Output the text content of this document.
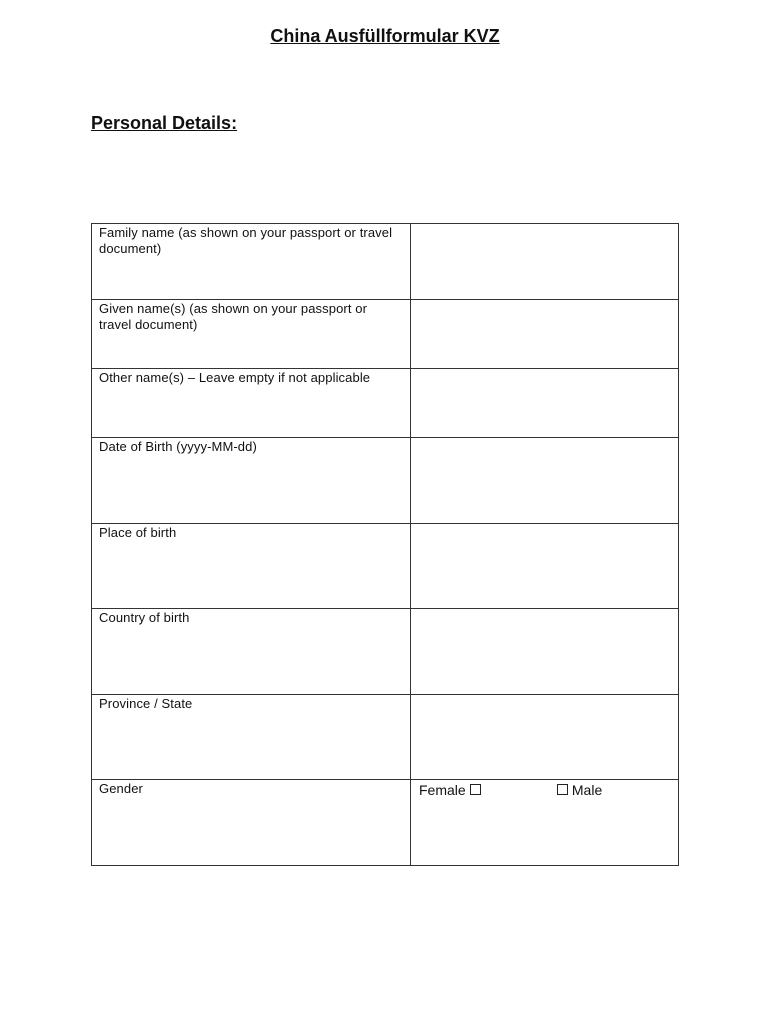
China Ausfüllformular KVZ
Personal Details:
Family name (as shown on your passport or travel document)	

Given name(s) (as shown on your passport or travel document)	

Other name(s) – Leave empty if not applicable	

Date of Birth (yyyy-MM-dd)	

Place of birth	

Country of birth	

Province / State	

Gender	Female Male
